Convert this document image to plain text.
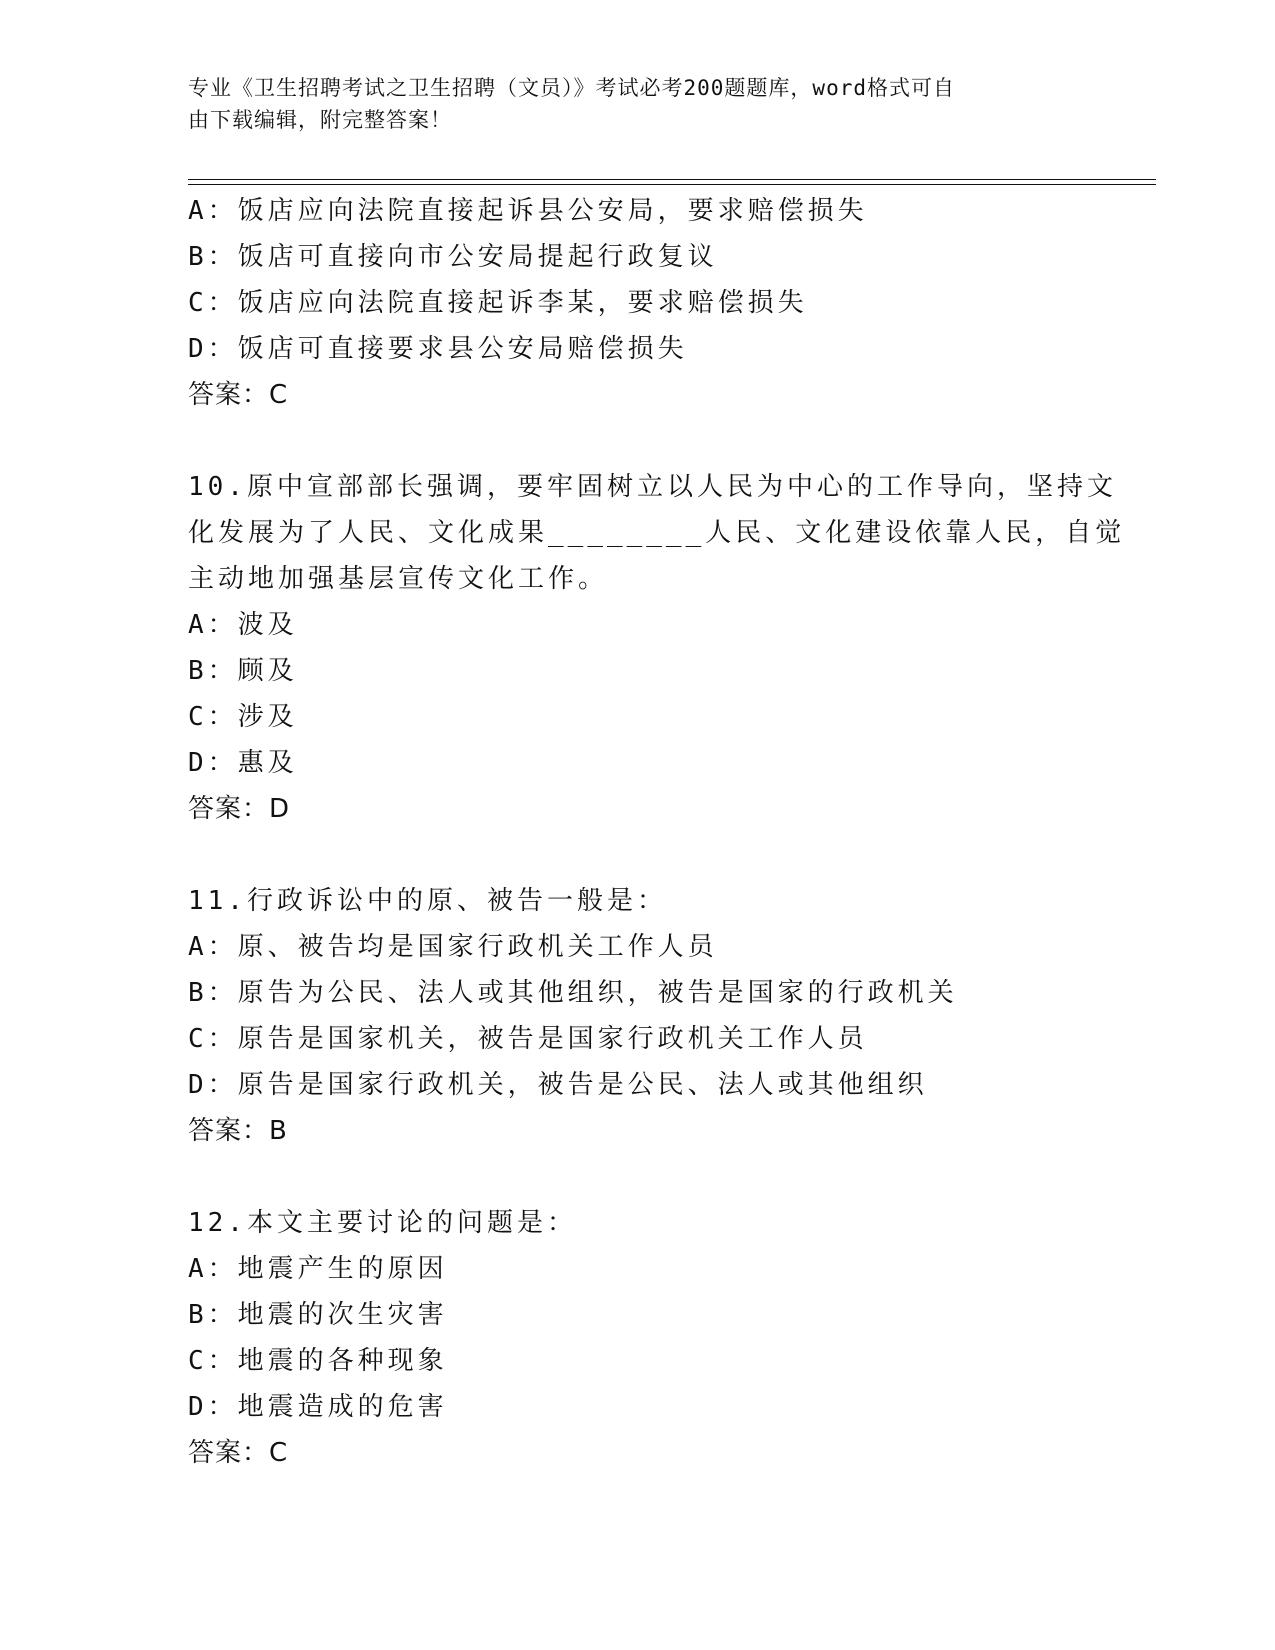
专业《卫生招聘考试之卫生招聘（文员）》考试必考200题题库，word格式可自
由下载编辑，附完整答案！
A：饭店应向法院直接起诉县公安局，要求赔偿损失
B：饭店可直接向市公安局提起行政复议
C：饭店应向法院直接起诉李某，要求赔偿损失
D：饭店可直接要求县公安局赔偿损失
答案：C
10.原中宣部部长强调，要牢固树立以人民为中心的工作导向，坚持文
化发展为了人民、文化成果________人民、文化建设依靠人民，自觉
主动地加强基层宣传文化工作。
A：波及
B：顾及
C：涉及
D：惠及
答案：D
11.行政诉讼中的原、被告一般是：
A：原、被告均是国家行政机关工作人员
B：原告为公民、法人或其他组织，被告是国家的行政机关
C：原告是国家机关，被告是国家行政机关工作人员
D：原告是国家行政机关，被告是公民、法人或其他组织
答案：B
12.本文主要讨论的问题是：
A：地震产生的原因
B：地震的次生灾害
C：地震的各种现象
D：地震造成的危害
答案：C
